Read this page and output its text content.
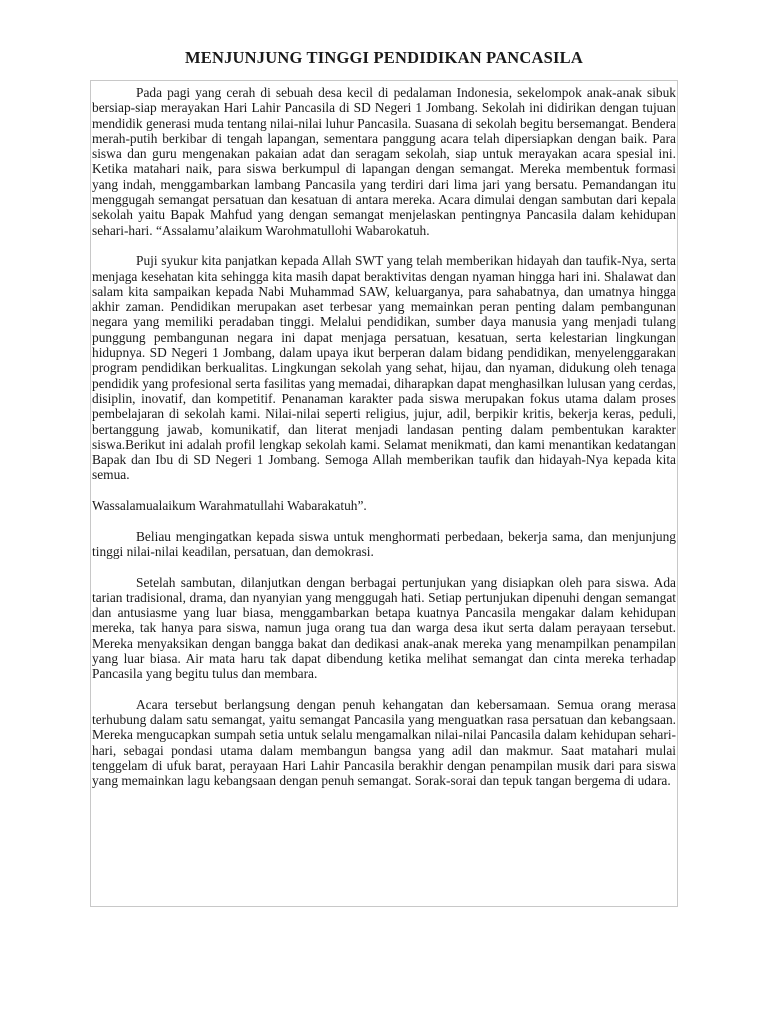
MENJUNJUNG TINGGI PENDIDIKAN PANCASILA

Pada pagi yang cerah di sebuah desa kecil di pedalaman Indonesia, sekelompok anak-anak sibuk bersiap-siap merayakan Hari Lahir Pancasila di SD Negeri 1 Jombang. Sekolah ini didirikan dengan tujuan mendidik generasi muda tentang nilai-nilai luhur Pancasila. Suasana di sekolah begitu bersemangat. Bendera merah-putih berkibar di tengah lapangan, sementara panggung acara telah dipersiapkan dengan baik. Para siswa dan guru mengenakan pakaian adat dan seragam sekolah, siap untuk merayakan acara spesial ini. Ketika matahari naik, para siswa berkumpul di lapangan dengan semangat. Mereka membentuk formasi yang indah, menggambarkan lambang Pancasila yang terdiri dari lima jari yang bersatu. Pemandangan itu menggugah semangat persatuan dan kesatuan di antara mereka. Acara dimulai dengan sambutan dari kepala sekolah yaitu Bapak Mahfud yang dengan semangat menjelaskan pentingnya Pancasila dalam kehidupan sehari-hari. “Assalamu’alaikum Warohmatullohi Wabarokatuh.

Puji syukur kita panjatkan kepada Allah SWT yang telah memberikan hidayah dan taufik-Nya, serta menjaga kesehatan kita sehingga kita masih dapat beraktivitas dengan nyaman hingga hari ini. Shalawat dan salam kita sampaikan kepada Nabi Muhammad SAW, keluarganya, para sahabatnya, dan umatnya hingga akhir zaman. Pendidikan merupakan aset terbesar yang memainkan peran penting dalam pembangunan negara yang memiliki peradaban tinggi. Melalui pendidikan, sumber daya manusia yang menjadi tulang punggung pembangunan negara ini dapat menjaga persatuan, kesatuan, serta kelestarian lingkungan hidupnya. SD Negeri 1 Jombang, dalam upaya ikut berperan dalam bidang pendidikan, menyelenggarakan program pendidikan berkualitas. Lingkungan sekolah yang sehat, hijau, dan nyaman, didukung oleh tenaga pendidik yang profesional serta fasilitas yang memadai, diharapkan dapat menghasilkan lulusan yang cerdas, disiplin, inovatif, dan kompetitif. Penanaman karakter pada siswa merupakan fokus utama dalam proses pembelajaran di sekolah kami. Nilai-nilai seperti religius, jujur, adil, berpikir kritis, bekerja keras, peduli, bertanggung jawab, komunikatif, dan literat menjadi landasan penting dalam pembentukan karakter siswa.Berikut ini adalah profil lengkap sekolah kami. Selamat menikmati, dan kami menantikan kedatangan Bapak dan Ibu di SD Negeri 1 Jombang. Semoga Allah memberikan taufik dan hidayah-Nya kepada kita semua.

Wassalamualaikum Warahmatullahi Wabarakatuh”.

Beliau mengingatkan kepada siswa untuk menghormati perbedaan, bekerja sama, dan menjunjung tinggi nilai-nilai keadilan, persatuan, dan demokrasi.

Setelah sambutan, dilanjutkan dengan berbagai pertunjukan yang disiapkan oleh para siswa. Ada tarian tradisional, drama, dan nyanyian yang menggugah hati. Setiap pertunjukan dipenuhi dengan semangat dan antusiasme yang luar biasa, menggambarkan betapa kuatnya Pancasila mengakar dalam kehidupan mereka, tak hanya para siswa, namun juga orang tua dan warga desa ikut serta dalam perayaan tersebut. Mereka menyaksikan dengan bangga bakat dan dedikasi anak-anak mereka yang menampilkan penampilan yang luar biasa. Air mata haru tak dapat dibendung ketika melihat semangat dan cinta mereka terhadap Pancasila yang begitu tulus dan membara.

Acara tersebut berlangsung dengan penuh kehangatan dan kebersamaan. Semua orang merasa terhubung dalam satu semangat, yaitu semangat Pancasila yang menguatkan rasa persatuan dan kebangsaan. Mereka mengucapkan sumpah setia untuk selalu mengamalkan nilai-nilai Pancasila dalam kehidupan sehari-hari, sebagai pondasi utama dalam membangun bangsa yang adil dan makmur. Saat matahari mulai tenggelam di ufuk barat, perayaan Hari Lahir Pancasila berakhir dengan penampilan musik dari para siswa yang memainkan lagu kebangsaan dengan penuh semangat. Sorak-sorai dan tepuk tangan bergema di udara.
